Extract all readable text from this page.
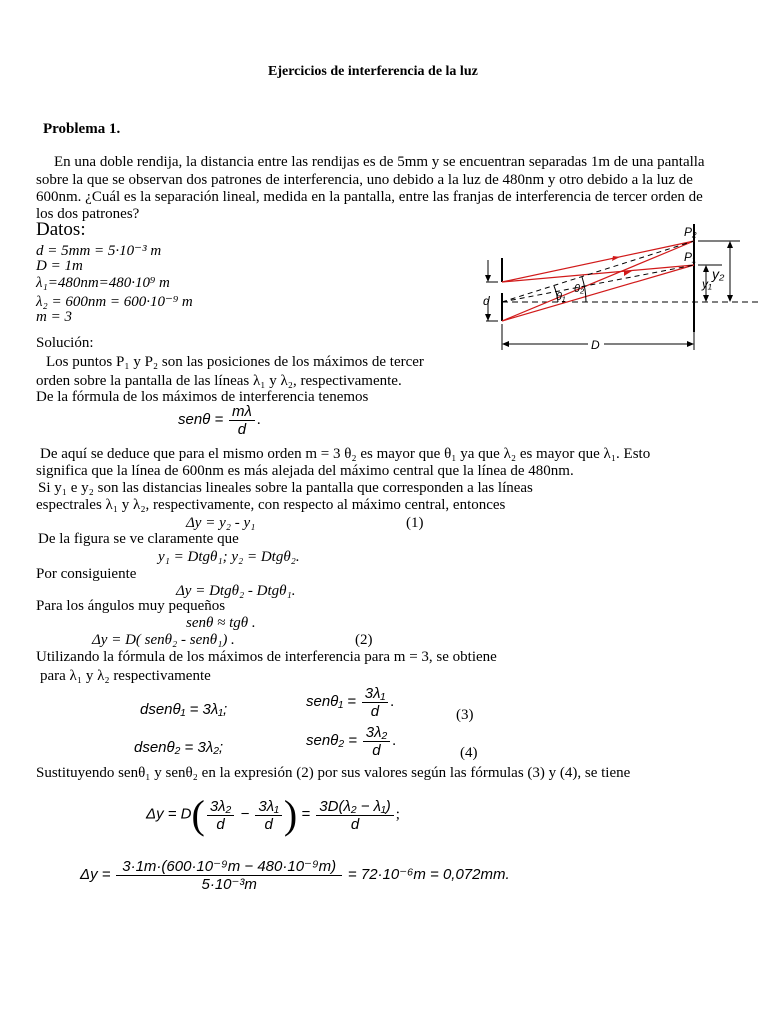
Ejercicios de interferencia de la luz
Problema 1.
En una doble rendija, la distancia entre las rendijas es de 5mm y se encuentran separadas 1m de una pantalla
sobre la que se observan dos patrones de interferencia, uno debido a la luz de 480nm y otro debido a la luz de
600nm. ¿Cuál es la separación lineal, medida en la pantalla, entre las franjas de interferencia de tercer orden de
los dos patrones?
Datos:
d = 5mm = 5·10⁻³ m
D = 1m
λ₁=480nm=480·10⁹ m
λ₂ = 600nm = 600·10⁻⁹ m
m = 3
d	θ₁
θ₂
P₂
P₁
y₁
y₂
D
Solución:
Los puntos P₁ y P₂ son las posiciones de los máximos de tercer
orden sobre la pantalla de las líneas λ₁ y λ₂, respectivamente.
De la fórmula de los máximos de interferencia tenemos
$sen\theta = \frac{m\lambda}{d}$ .
De aquí se deduce que para el mismo orden m = 3 θ₂ es mayor que θ₁ ya que λ₂ es mayor que λ₁. Esto
significa que la línea de 600nm es más alejada del máximo central que la línea de 480nm.
Si y₁ e y₂ son las distancias lineales sobre la pantalla que corresponden a las líneas
espectrales λ₁ y λ₂, respectivamente, con respecto al máximo central, entonces
Δy = y₂ - y₁	(1)
De la figura se ve claramente que
y₁ = Dtgθ₁; y₂ = Dtgθ₂.
Por consiguiente
Δy = Dtgθ₂ - Dtgθ₁.
Para los ángulos muy pequeños
senθ ≈ tgθ .
Δy = D( senθ₂ - senθ₁) .	(2)
Utilizando la fórmula de los máximos de interferencia para m = 3, se obtiene
para λ₁ y λ₂ respectivamente
dsenθ₁ = 3λ₁;	$sen\theta_1 = \frac{\text{3λ₁}}{d}$ .
(3)
dsenθ₂ = 3λ₂;	$sen\theta_2 = \frac{\text{3λ₂}}{d}$ .
(4)
Sustituyendo senθ₁ y senθ₂ en la expresión (2) por sus valores según las fórmulas (3) y (4), se tiene
$\Delta y = D( \frac{\text{3λ₂}}{d} - \frac{\text{3λ₁}}{d}$ ) = $\frac{\text{3D(λ₂ − λ₁)}}{d}$ ;
$\Delta y = \frac{\text{3·1m·(600·10⁻⁹m − 480·10⁻⁹m)}}{\text{5·10⁻³m}} = 72\cdot 10^{-6}m = 0,072mm$.
